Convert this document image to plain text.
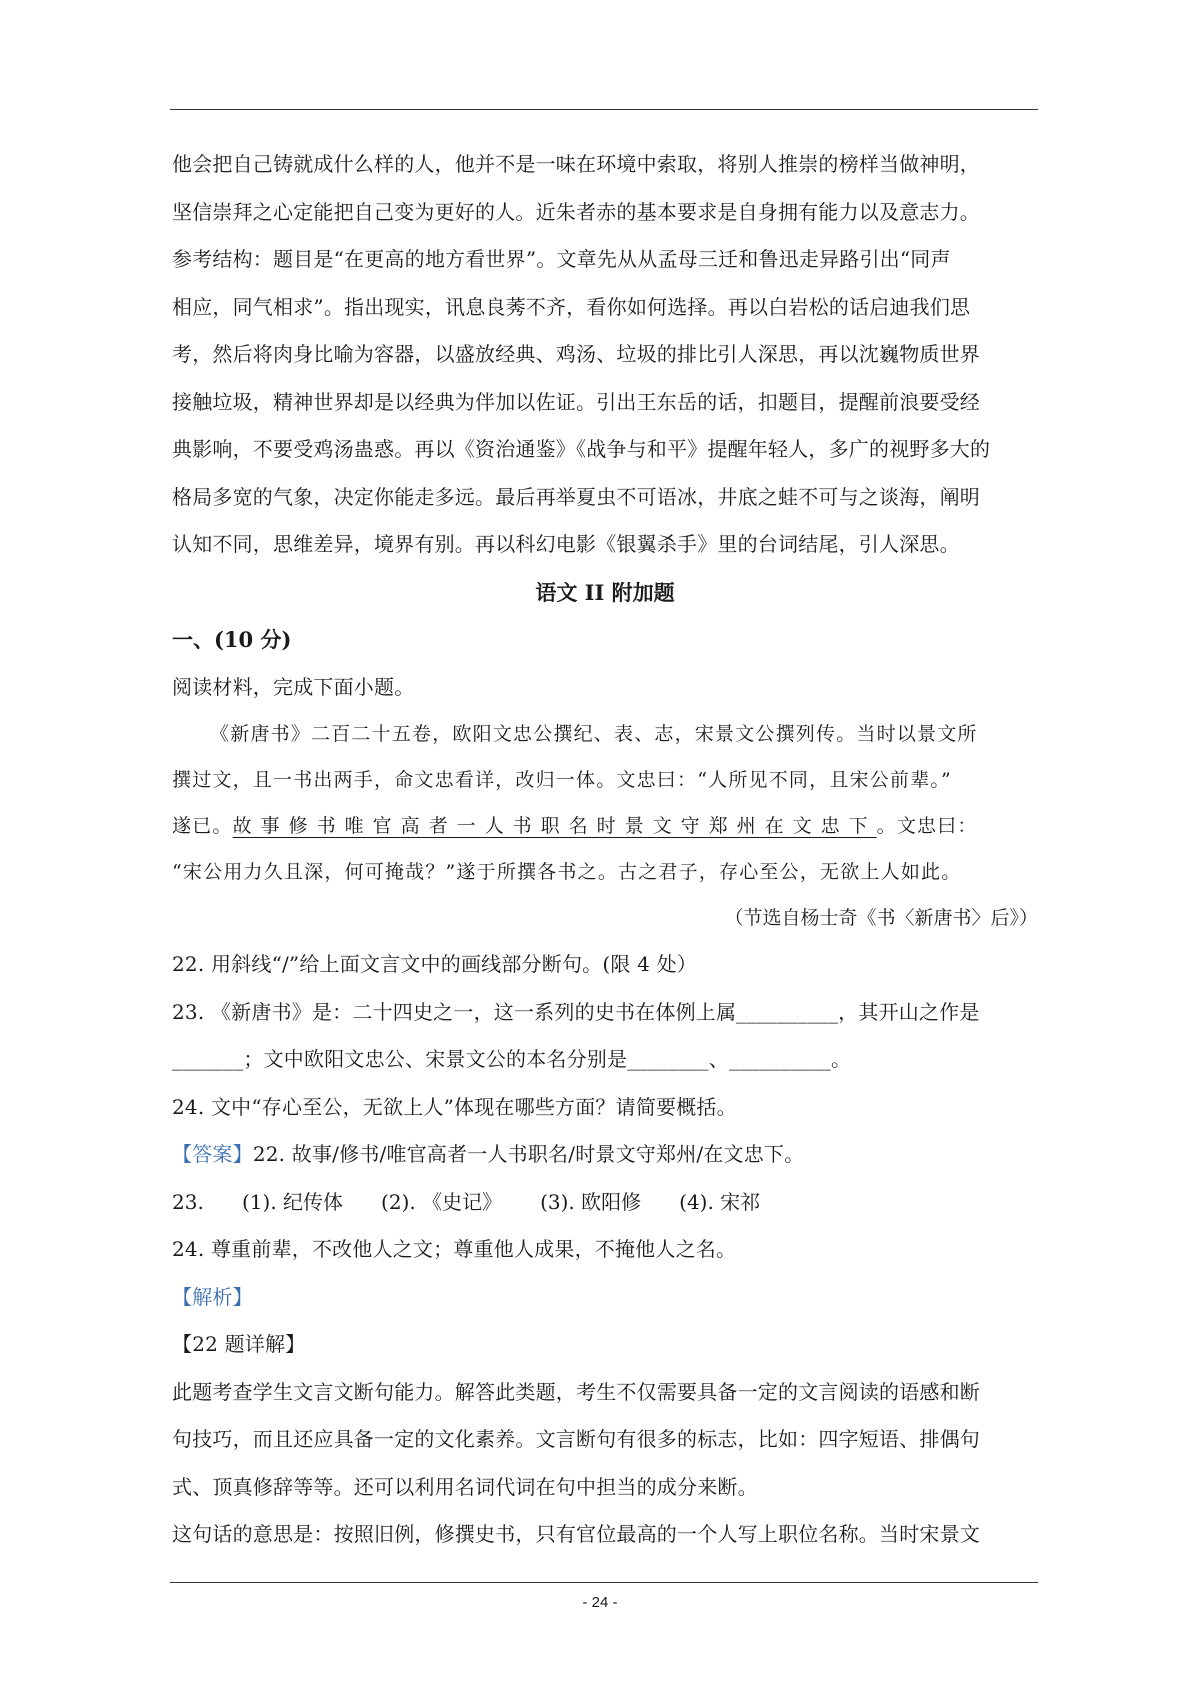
他会把自己铸就成什么样的人，他并不是一味在环境中索取，将别人推崇的榜样当做神明，

坚信崇拜之心定能把自己变为更好的人。近朱者赤的基本要求是自身拥有能力以及意志力。

参考结构：题目是“在更高的地方看世界”。文章先从从孟母三迁和鲁迅走异路引出“同声

相应，同气相求”。指出现实，讯息良莠不齐，看你如何选择。再以白岩松的话启迪我们思

考，然后将肉身比喻为容器，以盛放经典、鸡汤、垃圾的排比引人深思，再以沈巍物质世界

接触垃圾，精神世界却是以经典为伴加以佐证。引出王东岳的话，扣题目，提醒前浪要受经

典影响，不要受鸡汤蛊惑。再以《资治通鉴》《战争与和平》提醒年轻人，多广的视野多大的

格局多宽的气象，决定你能走多远。最后再举夏虫不可语冰，井底之蛙不可与之谈海，阐明

认知不同，思维差异，境界有别。再以科幻电影《银翼杀手》里的台词结尾，引人深思。

语文 II 附加题

一、(10 分)

阅读材料，完成下面小题。

《新唐书》二百二十五卷，欧阳文忠公撰纪、表、志，宋景文公撰列传。当时以景文所

撰过文，且一书出两手，命文忠看详，改归一体。文忠曰：“人所见不同，且宋公前辈。”

遂已。故事修书唯官高者一人书职名时景文守郑州在文忠下。文忠曰：

“宋公用力久且深，何可掩哉？”遂于所撰各书之。古之君子，存心至公，无欲上人如此。

（节选自杨士奇《书〈新唐书〉后》）

22. 用斜线“/”给上面文言文中的画线部分断句。(限 4 处）

23. 《新唐书》是：二十四史之一，这一系列的史书在体例上属__________，其开山之作是

_______；文中欧阳文忠公、宋景文公的本名分别是________、__________。

24. 文中“存心至公，无欲上人”体现在哪些方面？请简要概括。

【答案】22. 故事/修书/唯官高者一人书职名/时景文守郑州/在文忠下。

23.	(1). 纪传体 (2). 《史记》 (3). 欧阳修 (4). 宋祁

24. 尊重前辈，不改他人之文；尊重他人成果，不掩他人之名。

【解析】

【22 题详解】

此题考查学生文言文断句能力。解答此类题，考生不仅需要具备一定的文言阅读的语感和断

句技巧，而且还应具备一定的文化素养。文言断句有很多的标志，比如：四字短语、排偶句

式、顶真修辞等等。还可以利用名词代词在句中担当的成分来断。

这句话的意思是：按照旧例，修撰史书，只有官位最高的一个人写上职位名称。当时宋景文

- 24 -
